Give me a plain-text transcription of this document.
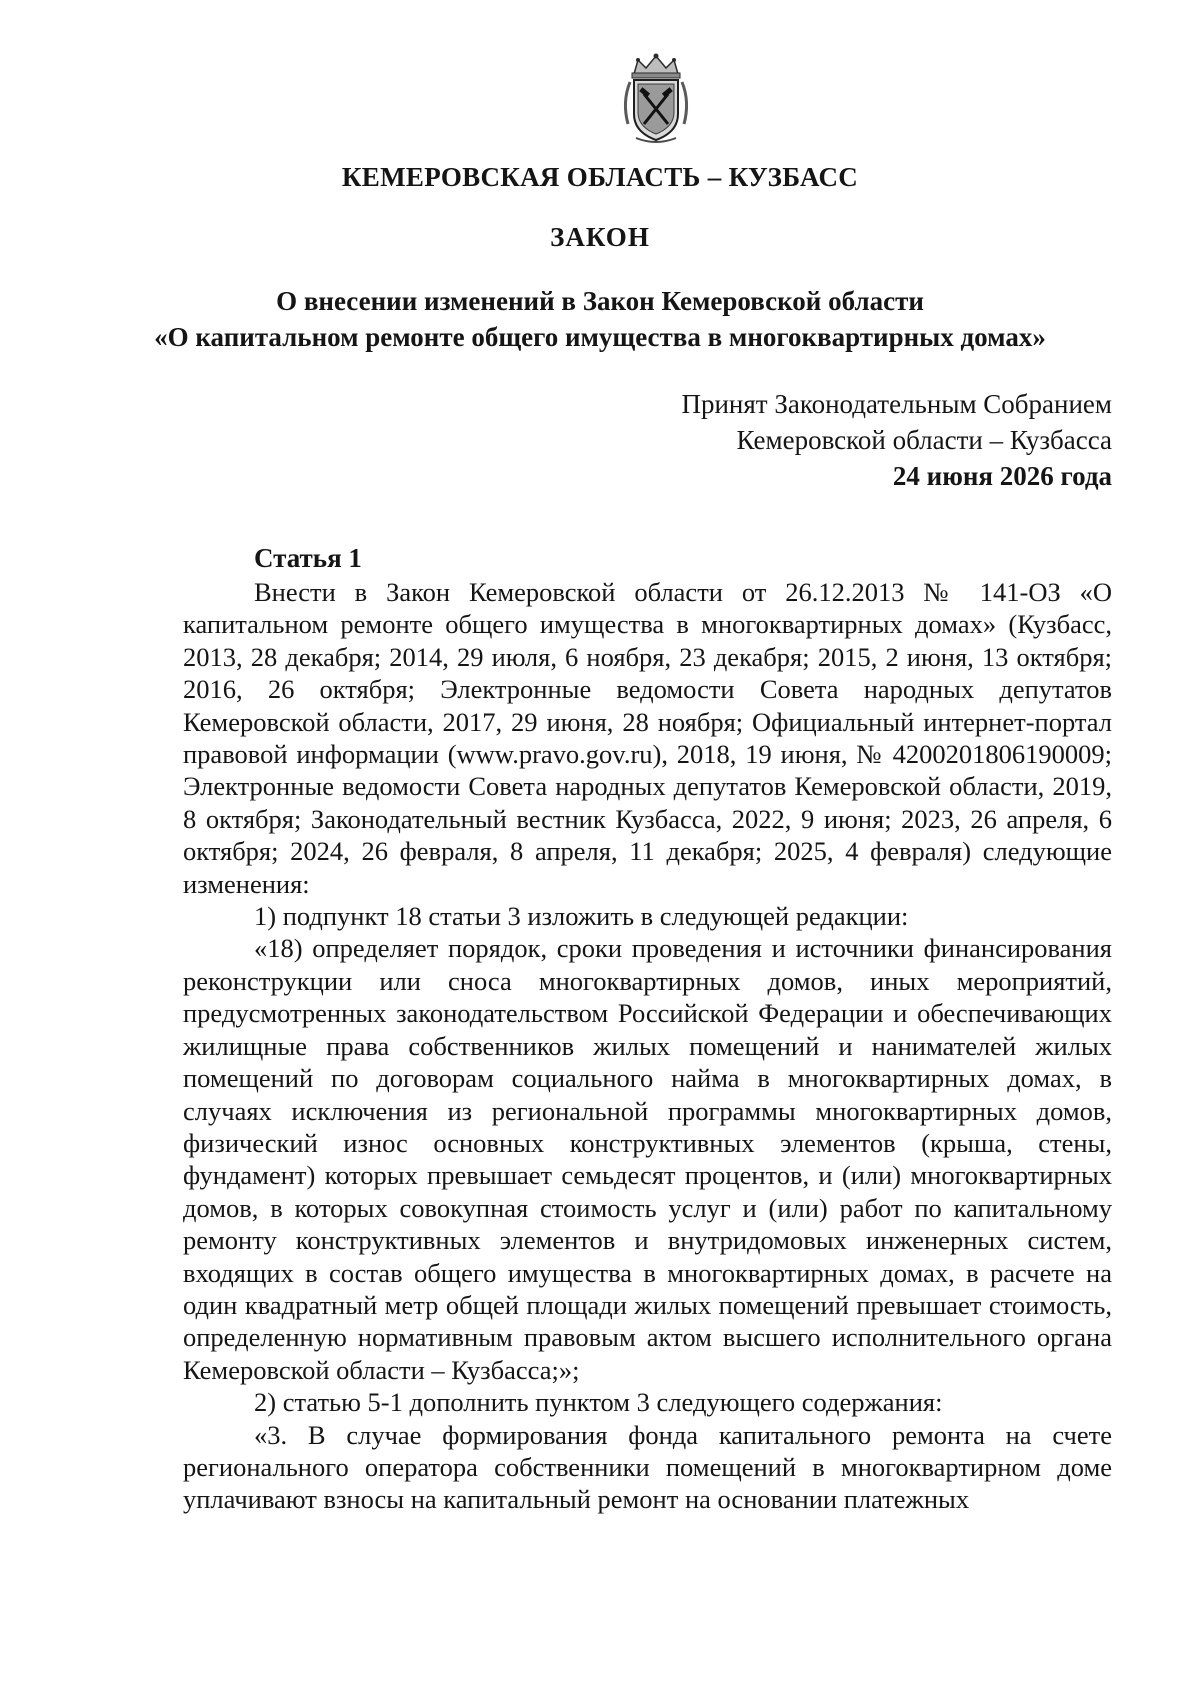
КЕМЕРОВСКАЯ ОБЛАСТЬ – КУЗБАСС
ЗАКОН
О внесении изменений в Закон Кемеровской области
«О капитальном ремонте общего имущества в многоквартирных домах»
Принят Законодательным Собранием
Кемеровской области – Кузбасса
24 июня 2026 года
Статья 1

Внести в Закон Кемеровской области от 26.12.2013 № 141-ОЗ «О капитальном ремонте общего имущества в многоквартирных домах» (Кузбасс, 2013, 28 декабря; 2014, 29 июля, 6 ноября, 23 декабря; 2015, 2 июня, 13 октября; 2016, 26 октября; Электронные ведомости Совета народных депутатов Кемеровской области, 2017, 29 июня, 28 ноября; Официальный интернет-портал правовой информации (www.pravo.gov.ru), 2018, 19 июня, № 4200201806190009; Электронные ведомости Совета народных депутатов Кемеровской области, 2019, 8 октября; Законодательный вестник Кузбасса, 2022, 9 июня; 2023, 26 апреля, 6 октября; 2024, 26 февраля, 8 апреля, 11 декабря; 2025, 4 февраля) следующие изменения:

1) подпункт 18 статьи 3 изложить в следующей редакции:

«18) определяет порядок, сроки проведения и источники финансирования реконструкции или сноса многоквартирных домов, иных мероприятий, предусмотренных законодательством Российской Федерации и обеспечивающих жилищные права собственников жилых помещений и нанимателей жилых помещений по договорам социального найма в многоквартирных домах, в случаях исключения из региональной программы многоквартирных домов, физический износ основных конструктивных элементов (крыша, стены, фундамент) которых превышает семьдесят процентов, и (или) многоквартирных домов, в которых совокупная стоимость услуг и (или) работ по капитальному ремонту конструктивных элементов и внутридомовых инженерных систем, входящих в состав общего имущества в многоквартирных домах, в расчете на один квадратный метр общей площади жилых помещений превышает стоимость, определенную нормативным правовым актом высшего исполнительного органа Кемеровской области – Кузбасса;»;

2) статью 5-1 дополнить пунктом 3 следующего содержания:

«3. В случае формирования фонда капитального ремонта на счете регионального оператора собственники помещений в многоквартирном доме уплачивают взносы на капитальный ремонт на основании платежных
